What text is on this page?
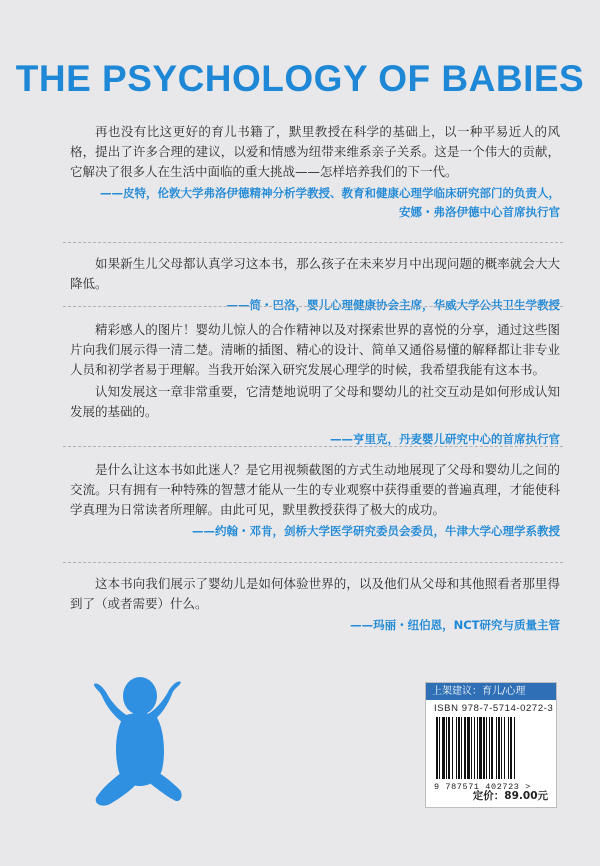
THE PSYCHOLOGY OF BABIES

再也没有比这更好的育儿书籍了，默里教授在科学的基础上，以一种平易近人的风格，提出了许多合理的建议，以爱和情感为纽带来维系亲子关系。这是一个伟大的贡献，它解决了很多人在生活中面临的重大挑战——怎样培养我们的下一代。

——皮特，伦敦大学弗洛伊德精神分析学教授、教育和健康心理学临床研究部门的负责人，
安娜・弗洛伊德中心首席执行官

如果新生儿父母都认真学习这本书，那么孩子在未来岁月中出现问题的概率就会大大降低。

——简・巴洛，婴儿心理健康协会主席，华威大学公共卫生学教授

精彩感人的图片！婴幼儿惊人的合作精神以及对探索世界的喜悦的分享，通过这些图片向我们展示得一清二楚。清晰的插图、精心的设计、简单又通俗易懂的解释都让非专业人员和初学者易于理解。当我开始深入研究发展心理学的时候，我希望我能有这本书。

认知发展这一章非常重要，它清楚地说明了父母和婴幼儿的社交互动是如何形成认知发展的基础的。

——亨里克，丹麦婴儿研究中心的首席执行官

是什么让这本书如此迷人？是它用视频截图的方式生动地展现了父母和婴幼儿之间的交流。只有拥有一种特殊的智慧才能从一生的专业观察中获得重要的普遍真理，才能使科学真理为日常读者所理解。由此可见，默里教授获得了极大的成功。

——约翰・邓肯，剑桥大学医学研究委员会委员，牛津大学心理学系教授

这本书向我们展示了婴幼儿是如何体验世界的，以及他们从父母和其他照看者那里得到了（或者需要）什么。

——玛丽・纽伯恩，NCT研究与质量主管
上架建议：育儿/心理
ISBN 978-7-5714-0272-3
9 787571 402723 >
定价：89.00元
